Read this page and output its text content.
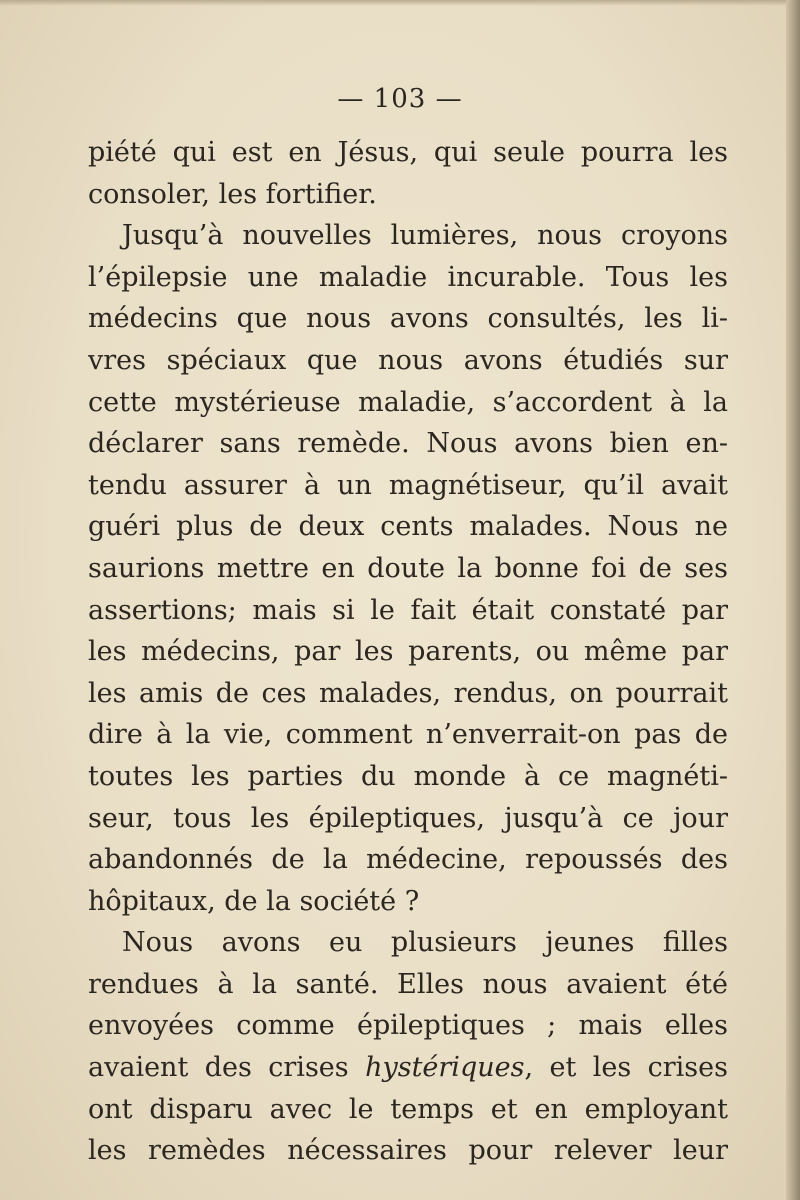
— 103 —
piété qui est en Jésus, qui seule pourra les
consoler, les fortifier.
Jusqu’à nouvelles lumières, nous croyons
l’épilepsie une maladie incurable. Tous les
médecins que nous avons consultés, les li-
vres spéciaux que nous avons étudiés sur
cette mystérieuse maladie, s’accordent à la
déclarer sans remède. Nous avons bien en-
tendu assurer à un magnétiseur, qu’il avait
guéri plus de deux cents malades. Nous ne
saurions mettre en doute la bonne foi de ses
assertions; mais si le fait était constaté par
les médecins, par les parents, ou même par
les amis de ces malades, rendus, on pourrait
dire à la vie, comment n’enverrait-on pas de
toutes les parties du monde à ce magnéti-
seur, tous les épileptiques, jusqu’à ce jour
abandonnés de la médecine, repoussés des
hôpitaux, de la société ?
Nous avons eu plusieurs jeunes filles
rendues à la santé. Elles nous avaient été
envoyées comme épileptiques ; mais elles
avaient des crises hystériques, et les crises
ont disparu avec le temps et en employant
les remèdes nécessaires pour relever leur
